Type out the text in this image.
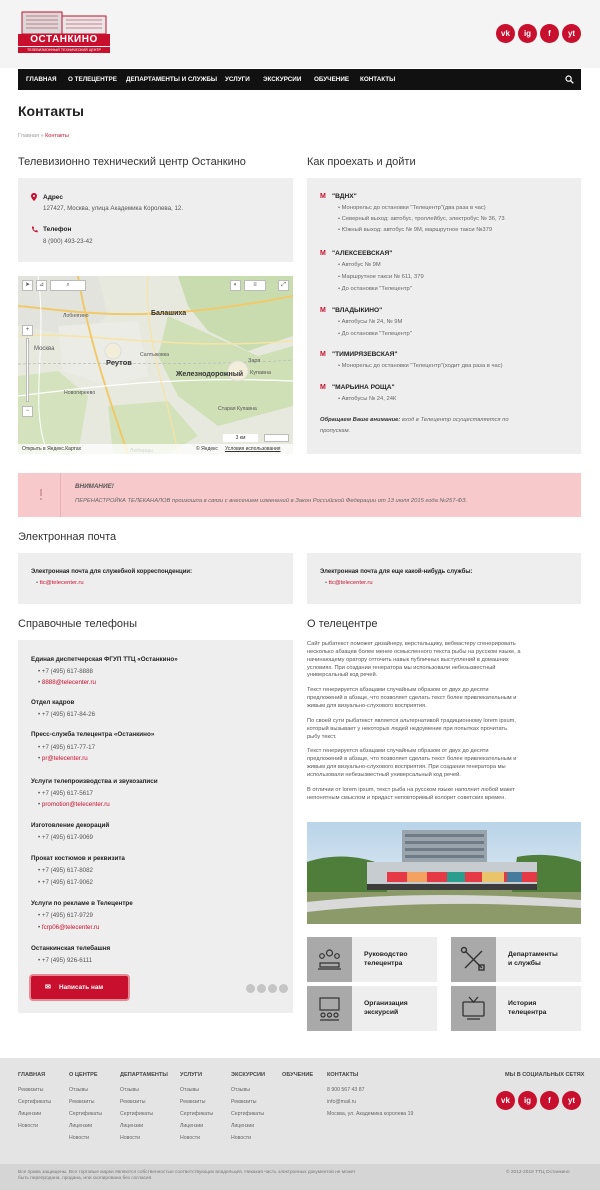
ОСТАНКИНО
ТЕЛЕВИЗИОННЫЙ ТЕХНИЧЕСКИЙ ЦЕНТР
vk	ig	f	yt
ГЛАВНАЯ О ТЕЛЕЦЕНТРЕ ДЕПАРТАМЕНТЫ И СЛУЖБЫ УСЛУГИ ЭКСКУРСИИ ОБУЧЕНИЕ КОНТАКТЫ
Контакты
Главная » Контакты
Телевизионно технический центр Останкино
Адрес
127427, Москва, улица Академика Королева, 12.
Телефон
8 (900) 493-23-42
Балашиха
Реутов
Железнодорожный
Москва
Заря
Купавна
Салтыковка
Новогиреево
Лобнягино
Старая Купавна
➤	⊿	⌕	◐	≡	⤢
+
−
3 км
Открыть в Яндекс.Картах	© Яндекс Условия использования
Как проехать и дойти
М "ВДНХ"
• Монорельс до остановки "Телецентр"(два раза в час)
• Северный выход: автобус, троллейбус, электробус № 36, 73
• Южный выход: автобус № 9М, маршрутное такси №379
М "АЛЕКСЕЕВСКАЯ"
• Автобус № 9М
• Маршрутное такси № 611, 379
• До остановки "Телецентр"
М "ВЛАДЫКИНО"
• Автобусы № 24, № 9М
• До остановки "Телецентр"
М "ТИМИРЯЗЕВСКАЯ"
• Монорельс до остановки "Телецентр"(ходит два раза в час)
М "МАРЬИНА РОЩА"
• Автобусы № 24, 24К
Обращаем Ваше внимание: вход в Телецентр осуществляется по
пропускам.
ВНИМАНИЕ!
ПЕРЕНАСТРОЙКА ТЕЛЕКАНАЛОВ произошла в связи с внесением изменений в Закон Российской Федерации от 13 июля 2015 года №257-ФЗ.
Электронная почта
Электронная почта для служебной корреспонденции:
• ttc@telecenter.ru
Электронная почта для еще какой-нибудь службы:
• ttc@telecenter.ru
Справочные телефоны
Единая диспетчерская ФГУП ТТЦ «Останкино»
• +7 (495) 617-8888
• 8888@telecenter.ru
Отдел кадров
• +7 (495) 617-84-26
Пресс-служба телецентра «Останкино»
• +7 (495) 617-77-17
• pr@telecenter.ru
Услуги телепроизводства и звукозаписи
• +7 (495) 617-5617
• promotion@telecenter.ru
Изготовление декораций
• +7 (495) 617-9069
Прокат костюмов и реквизита
• +7 (495) 617-8082
• +7 (495) 617-9062
Услуги по рекламе в Телецентре
• +7 (495) 617-9729
• fcrp06@telecenter.ru
Останкинская телебашня
• +7 (495) 926-6111
✉ Написать нам
О телецентре
Сайт рыбатекст поможет дизайнеру, верстальщику, вебмастеру сгенерировать
несколько абзацев более менее осмысленного текста рыбы на русском языке, а
начинающему оратору отточить навык публичных выступлений в домашних
условиях. При создании генератора мы использовали небезызвестный
универсальный код речей.
Текст генерируется абзацами случайным образом от двух до десяти
предложений в абзаце, что позволяет сделать текст более привлекательным и
живым для визуально-слухового восприятия.
По своей сути рыбатекст является альтернативой традиционному lorem ipsum,
который вызывает у некоторых людей недоумение при попытках прочитать
рыбу текст.
Текст генерируется абзацами случайным образом от двух до десяти
предложений в абзаце, что позволяет сделать текст более привлекательным и
живым для визуально-слухового восприятия. При создании генератора мы
использовали небезызвестный универсальный код речей.
В отличии от lorem ipsum, текст рыба на русском языке наполнит любой макет
непонятным смыслом и придаст неповторимый колорит советских времен.
Руководство
телецентра
Департаменты
и службы
Организация
экскурсий
История
телецентра
ГЛАВНАЯ
Реквизиты
Сертификаты
Лицензии
Новости
О ЦЕНТРЕ
Отзывы
Реквизиты
Сертификаты
Лицензии
Новости
ДЕПАРТАМЕНТЫ
Отзывы
Реквизиты
Сертификаты
Лицензии
Новости
УСЛУГИ
Отзывы
Реквизиты
Сертификаты
Лицензии
Новости
ЭКСКУРСИИ
Отзывы
Реквизиты
Сертификаты
Лицензии
Новости
ОБУЧЕНИЕ КОНТАКТЫ
8 900 567 43 87
info@mail.ru
Москва, ул. Академика королева 19
МЫ В СОЦИАЛЬНЫХ СЕТЯХ
vk	ig	f	yt
Все права защищены. Все торговые марки являются собственностью соответствующих владельцев. Никакая часть электронных документов не может
быть перепродана, продана, или скопирована без согласия.
© 2012-2018 ТТЦ Останкино
